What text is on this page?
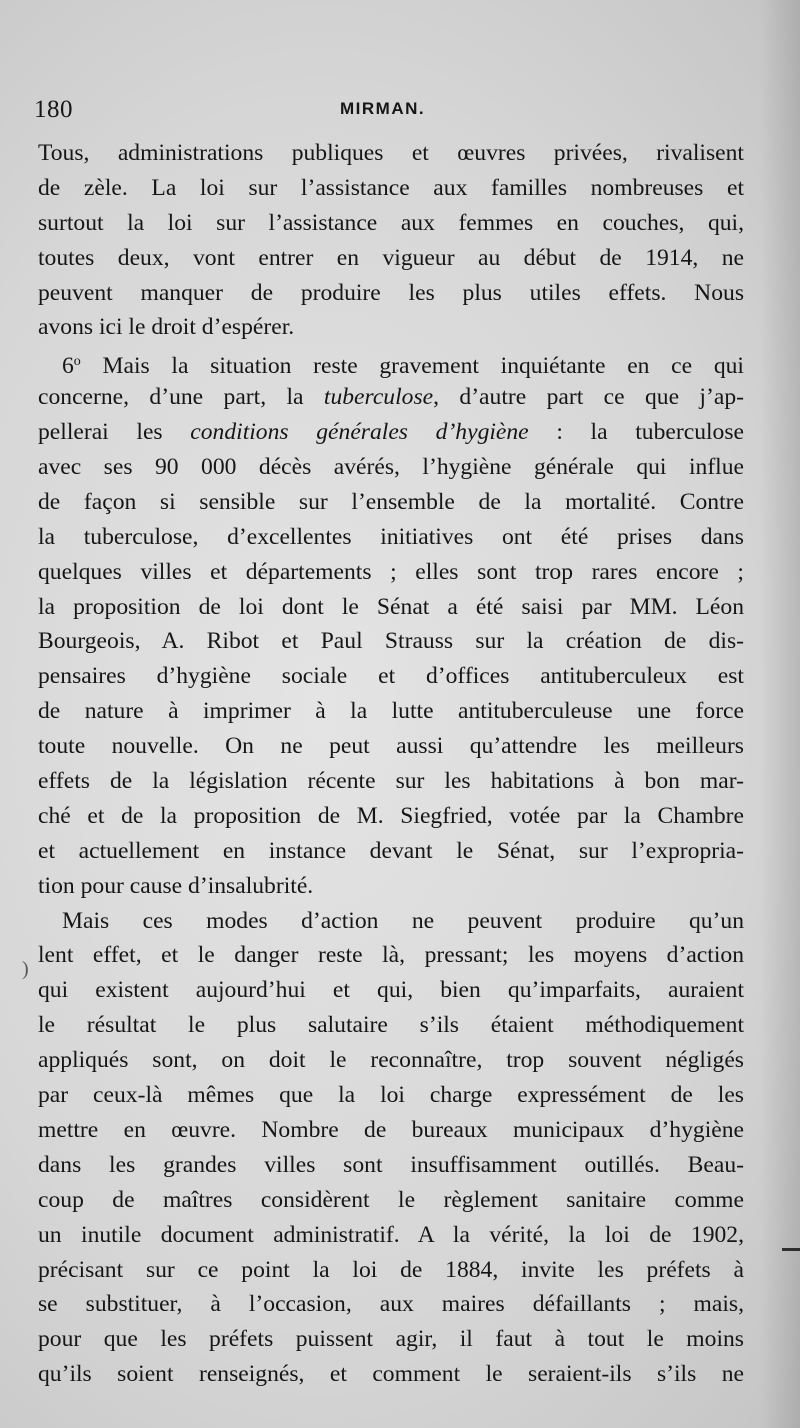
180	MIRMAN.
Tous, administrations publiques et œuvres privées, rivalisent
de zèle. La loi sur l’assistance aux familles nombreuses et
surtout la loi sur l’assistance aux femmes en couches, qui,
toutes deux, vont entrer en vigueur au début de 1914, ne
peuvent manquer de produire les plus utiles effets. Nous
avons ici le droit d’espérer.
6$^o$ Mais la situation reste gravement inquiétante en ce qui
concerne, d’une part, la tuberculose, d’autre part ce que j’ap-
pellerai les conditions générales d’hygiène : la tuberculose
avec ses 90 000 décès avérés, l’hygiène générale qui influe
de façon si sensible sur l’ensemble de la mortalité. Contre
la tuberculose, d’excellentes initiatives ont été prises dans
quelques villes et départements ; elles sont trop rares encore ;
la proposition de loi dont le Sénat a été saisi par MM. Léon
Bourgeois, A. Ribot et Paul Strauss sur la création de dis-
pensaires d’hygiène sociale et d’offices antituberculeux est
de nature à imprimer à la lutte antituberculeuse une force
toute nouvelle. On ne peut aussi qu’attendre les meilleurs
effets de la législation récente sur les habitations à bon mar-
ché et de la proposition de M. Siegfried, votée par la Chambre
et actuellement en instance devant le Sénat, sur l’expropria-
tion pour cause d’insalubrité.
Mais ces modes d’action ne peuvent produire qu’un
lent effet, et le danger reste là, pressant; les moyens d’action
qui existent aujourd’hui et qui, bien qu’imparfaits, auraient
le résultat le plus salutaire s’ils étaient méthodiquement
appliqués sont, on doit le reconnaître, trop souvent négligés
par ceux-là mêmes que la loi charge expressément de les
mettre en œuvre. Nombre de bureaux municipaux d’hygiène
dans les grandes villes sont insuffisamment outillés. Beau-
coup de maîtres considèrent le règlement sanitaire comme
un inutile document administratif. A la vérité, la loi de 1902,
précisant sur ce point la loi de 1884, invite les préfets à
se substituer, à l’occasion, aux maires défaillants ; mais,
pour que les préfets puissent agir, il faut à tout le moins
qu’ils soient renseignés, et comment le seraient-ils s’ils ne
)
